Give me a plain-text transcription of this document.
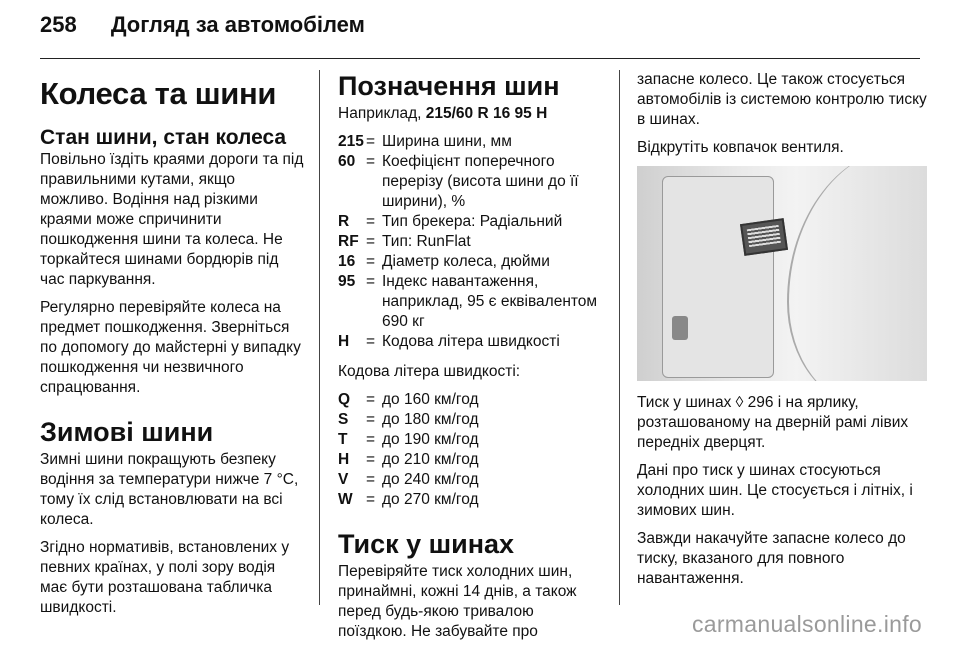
258 Догляд за автомобілем
Колеса та шини
Стан шини, стан колеса

Повільно їздіть краями дороги та під правильними кутами, якщо можливо. Водіння над різкими краями може спричинити пошкодження шини та колеса. Не торкайтеся шинами бордюрів під час паркування.

Регулярно перевіряйте колеса на предмет пошкодження. Зверніться по допомогу до майстерні у випадку пошкодження чи незвичного спрацювання.

Зимові шини

Зимні шини покращують безпеку водіння за температури нижче 7 °C, тому їх слід встановлювати на всі колеса.

Згідно нормативів, встановлених у певних країнах, у полі зору водія має бути розташована табличка швидкості.

Позначення шин

Наприклад, 215/60 R 16 95 H

215 = Ширина шини, мм
60 = Коефіцієнт поперечного перерізу (висота шини до її ширини), %
R	= Тип брекера: Радіальний
RF = Тип: RunFlat
16 = Діаметр колеса, дюйми
95 = Індекс навантаження, наприклад, 95 є еквівалентом 690 кг
H	= Кодова літера швидкості

Кодова літера швидкості:

Q	= до 160 км/год
S	= до 180 км/год
T	= до 190 км/год
H	= до 210 км/год
V	= до 240 км/год
W = до 270 км/год
Тиск у шинах

Перевіряйте тиск холодних шин, принаймні, кожні 14 днів, а також перед будь-якою тривалою поїздкою. Не забувайте про

запасне колесо. Це також стосується автомобілів із системою контролю тиску в шинах.

Відкрутіть ковпачок вентиля.

Тиск у шинах ◊ 296 і на ярлику, розташованому на дверній рамі лівих передніх дверцят.

Дані про тиск у шинах стосуються холодних шин. Це стосується і літніх, і зимових шин.

Завжди накачуйте запасне колесо до тиску, вказаного для повного навантаження.

carmanualsonline.info
